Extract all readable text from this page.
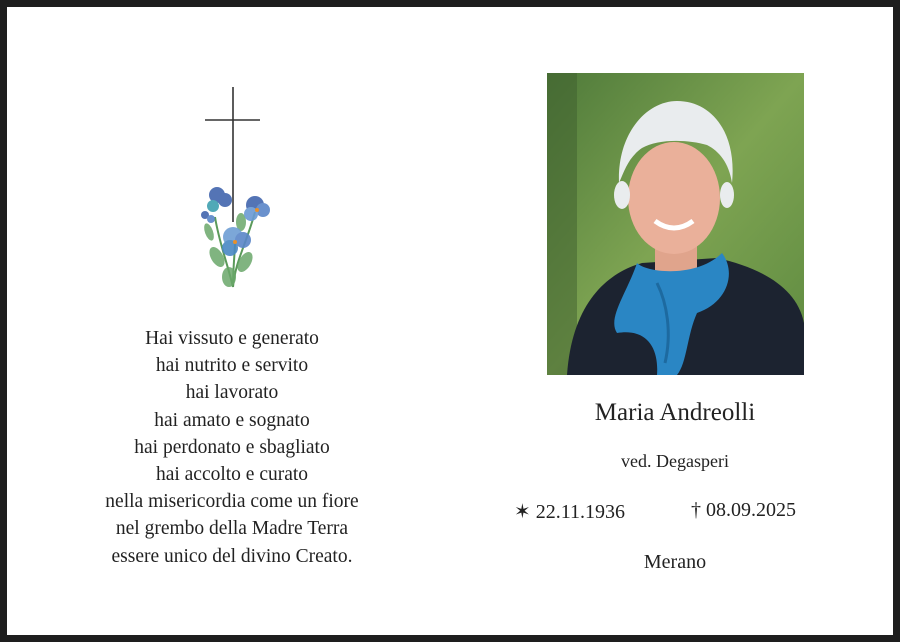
Hai vissuto e generato
hai nutrito e servito
hai lavorato
hai amato e sognato
hai perdonato e sbagliato
hai accolto e curato
nella misericordia come un fiore
nel grembo della Madre Terra
essere unico del divino Creato.
Maria Andreolli
ved. Degasperi
✶ 22.11.1936	† 08.09.2025
Merano
